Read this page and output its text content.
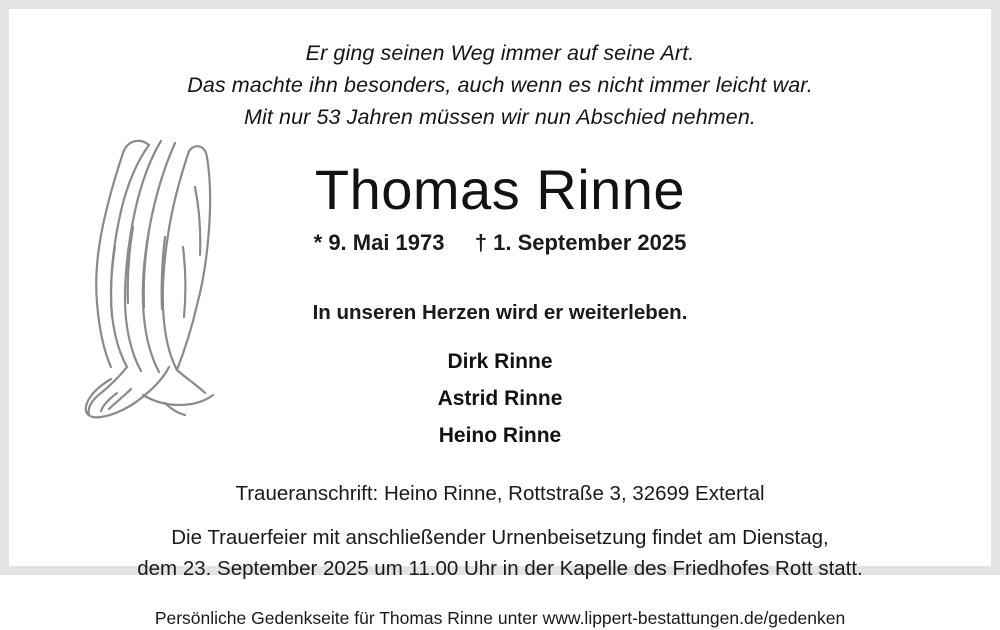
Er ging seinen Weg immer auf seine Art.
Das machte ihn besonders, auch wenn es nicht immer leicht war.
Mit nur 53 Jahren müssen wir nun Abschied nehmen.
Thomas Rinne
* 9. Mai 1973 † 1. September 2025
In unseren Herzen wird er weiterleben.
Dirk Rinne
Astrid Rinne
Heino Rinne
Traueranschrift: Heino Rinne, Rottstraße 3, 32699 Extertal
Die Trauerfeier mit anschließender Urnenbeisetzung findet am Dienstag,
dem 23. September 2025 um 11.00 Uhr in der Kapelle des Friedhofes Rott statt.
Persönliche Gedenkseite für Thomas Rinne unter www.lippert-bestattungen.de/gedenken
